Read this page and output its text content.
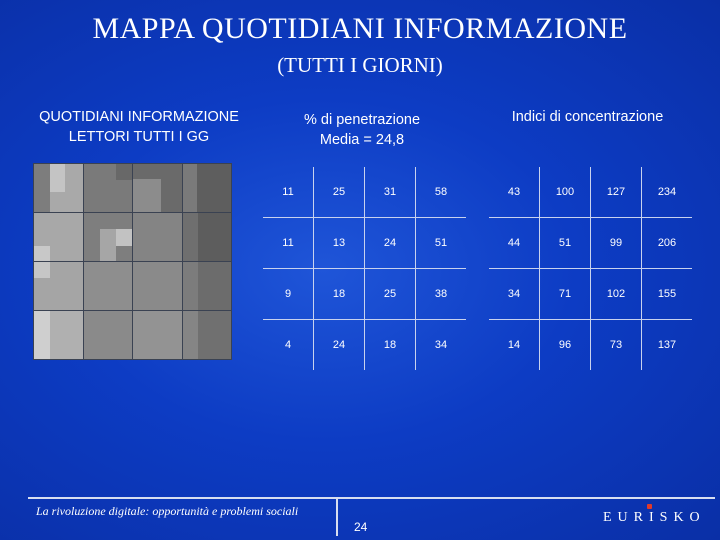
MAPPA QUOTIDIANI INFORMAZIONE
(TUTTI I GIORNI)
QUOTIDIANI INFORMAZIONE
LETTORI TUTTI I GG
% di penetrazione
Media = 24,8
Indici di concentrazione
11	25	31	58
11	13	24	51
9	18	25	38
4	24	18	34
43	100	127	234
44	51	99	206
34	71	102	155
14	96	73	137
La rivoluzione digitale: opportunità e problemi sociali
24
EURISKO
